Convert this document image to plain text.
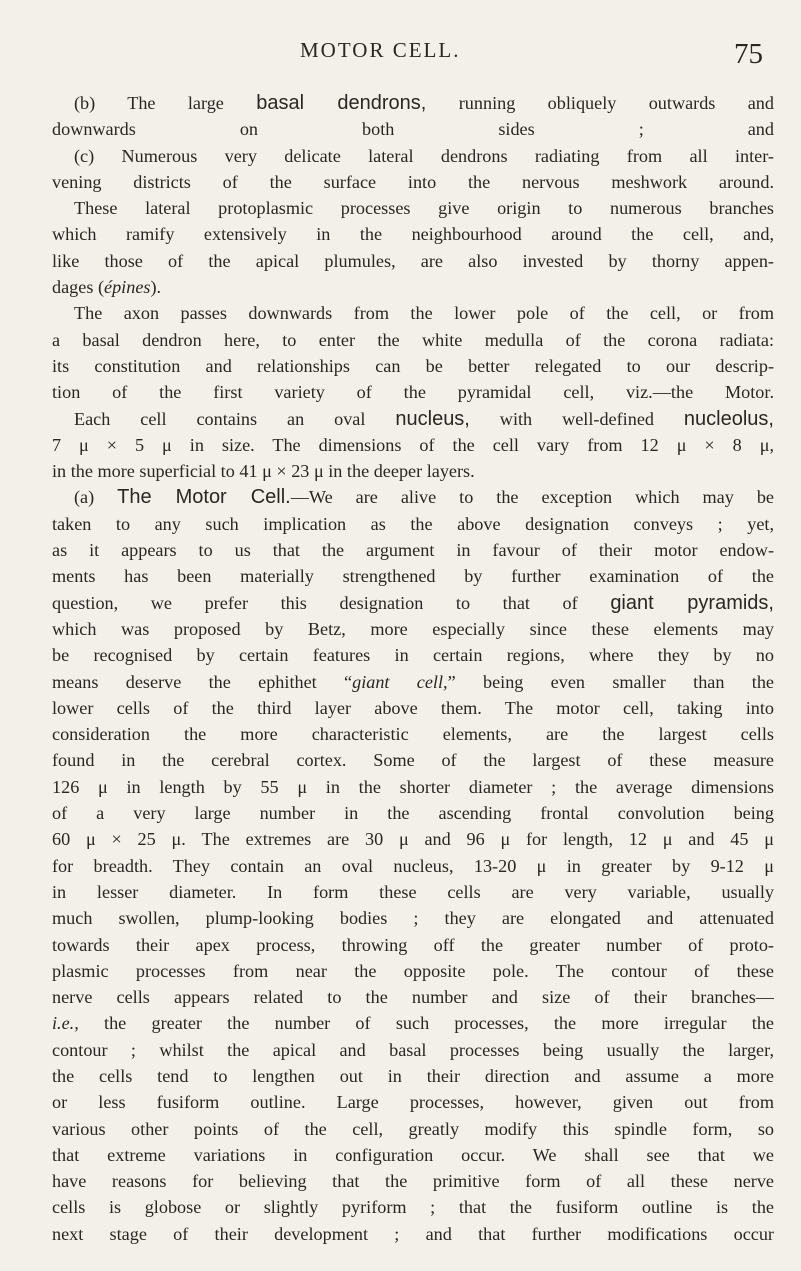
MOTOR CELL.	75
(b) The large basal dendrons, running obliquely outwards and
downwards on both sides ; and
(c) Numerous very delicate lateral dendrons radiating from all inter-
vening districts of the surface into the nervous meshwork around.
These lateral protoplasmic processes give origin to numerous branches
which ramify extensively in the neighbourhood around the cell, and,
like those of the apical plumules, are also invested by thorny appen-
dages (épines).
The axon passes downwards from the lower pole of the cell, or from
a basal dendron here, to enter the white medulla of the corona radiata:
its constitution and relationships can be better relegated to our descrip-
tion of the first variety of the pyramidal cell, viz.—the Motor.
Each cell contains an oval nucleus, with well-defined nucleolus,
7 μ × 5 μ in size. The dimensions of the cell vary from 12 μ × 8 μ,
in the more superficial to 41 μ × 23 μ in the deeper layers.
(a) The Motor Cell.—We are alive to the exception which may be
taken to any such implication as the above designation conveys ; yet,
as it appears to us that the argument in favour of their motor endow-
ments has been materially strengthened by further examination of the
question, we prefer this designation to that of giant pyramids,
which was proposed by Betz, more especially since these elements may
be recognised by certain features in certain regions, where they by no
means deserve the ephithet “giant cell,” being even smaller than the
lower cells of the third layer above them. The motor cell, taking into
consideration the more characteristic elements, are the largest cells
found in the cerebral cortex. Some of the largest of these measure
126 μ in length by 55 μ in the shorter diameter ; the average dimensions
of a very large number in the ascending frontal convolution being
60 μ × 25 μ. The extremes are 30 μ and 96 μ for length, 12 μ and 45 μ
for breadth. They contain an oval nucleus, 13-20 μ in greater by 9-12 μ
in lesser diameter. In form these cells are very variable, usually
much swollen, plump-looking bodies ; they are elongated and attenuated
towards their apex process, throwing off the greater number of proto-
plasmic processes from near the opposite pole. The contour of these
nerve cells appears related to the number and size of their branches—
i.e., the greater the number of such processes, the more irregular the
contour ; whilst the apical and basal processes being usually the larger,
the cells tend to lengthen out in their direction and assume a more
or less fusiform outline. Large processes, however, given out from
various other points of the cell, greatly modify this spindle form, so
that extreme variations in configuration occur. We shall see that we
have reasons for believing that the primitive form of all these nerve
cells is globose or slightly pyriform ; that the fusiform outline is the
next stage of their development ; and that further modifications occur
